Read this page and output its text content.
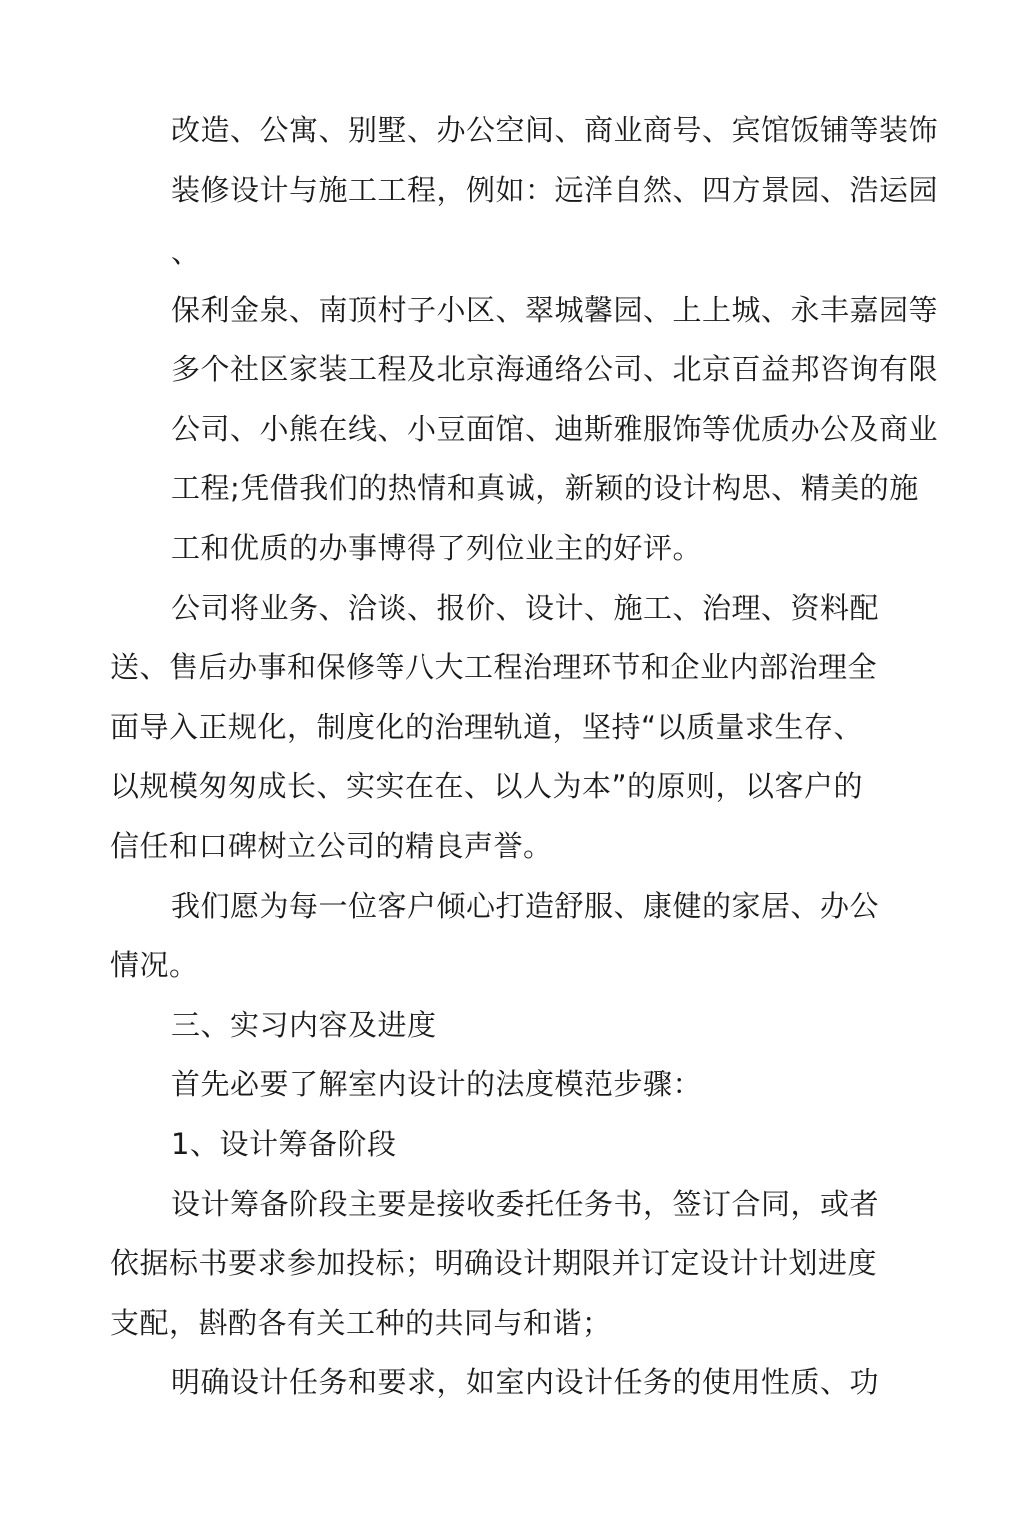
改造、公寓、别墅、办公空间、商业商号、宾馆饭铺等装饰
装修设计与施工工程，例如：远洋自然、四方景园、浩运园
、
保利金泉、南顶村子小区、翠城馨园、上上城、永丰嘉园等
多个社区家装工程及北京海通络公司、北京百益邦咨询有限
公司、小熊在线、小豆面馆、迪斯雅服饰等优质办公及商业
工程;凭借我们的热情和真诚，新颖的设计构思、精美的施
工和优质的办事博得了列位业主的好评。
公司将业务、洽谈、报价、设计、施工、治理、资料配
送、售后办事和保修等八大工程治理环节和企业内部治理全
面导入正规化，制度化的治理轨道，坚持“以质量求生存、
以规模匆匆成长、实实在在、以人为本”的原则，以客户的
信任和口碑树立公司的精良声誉。
我们愿为每一位客户倾心打造舒服、康健的家居、办公
情况。
三、实习内容及进度
首先必要了解室内设计的法度模范步骤：
1、设计筹备阶段
设计筹备阶段主要是接收委托任务书，签订合同，或者
依据标书要求参加投标；明确设计期限并订定设计计划进度
支配，斟酌各有关工种的共同与和谐；
明确设计任务和要求，如室内设计任务的使用性质、功
